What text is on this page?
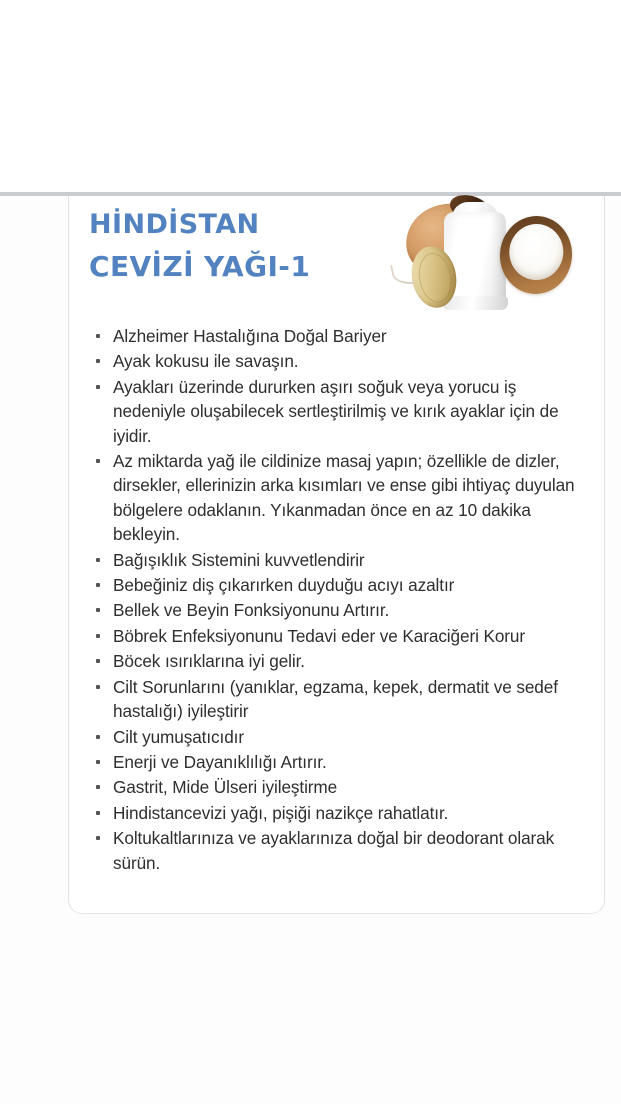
HİNDİSTAN
CEVİZİ YAĞI-1
Alzheimer Hastalığına Doğal Bariyer
Ayak kokusu ile savaşın.
Ayakları üzerinde dururken aşırı soğuk veya yorucu iş nedeniyle oluşabilecek sertleştirilmiş ve kırık ayaklar için de iyidir.
Az miktarda yağ ile cildinize masaj yapın; özellikle de dizler, dirsekler, ellerinizin arka kısımları ve ense gibi ihtiyaç duyulan bölgelere odaklanın. Yıkanmadan önce en az 10 dakika bekleyin.
Bağışıklık Sistemini kuvvetlendirir
Bebeğiniz diş çıkarırken duyduğu acıyı azaltır
Bellek ve Beyin Fonksiyonunu Artırır.
Böbrek Enfeksiyonunu Tedavi eder ve Karaciğeri Korur
Böcek ısırıklarına iyi gelir.
Cilt Sorunlarını (yanıklar, egzama, kepek, dermatit ve sedef hastalığı) iyileştirir
Cilt yumuşatıcıdır
Enerji ve Dayanıklılığı Artırır.
Gastrit, Mide Ülseri iyileştirme
Hindistancevizi yağı, pişiği nazikçe rahatlatır.
Koltukaltlarınıza ve ayaklarınıza doğal bir deodorant olarak sürün.
